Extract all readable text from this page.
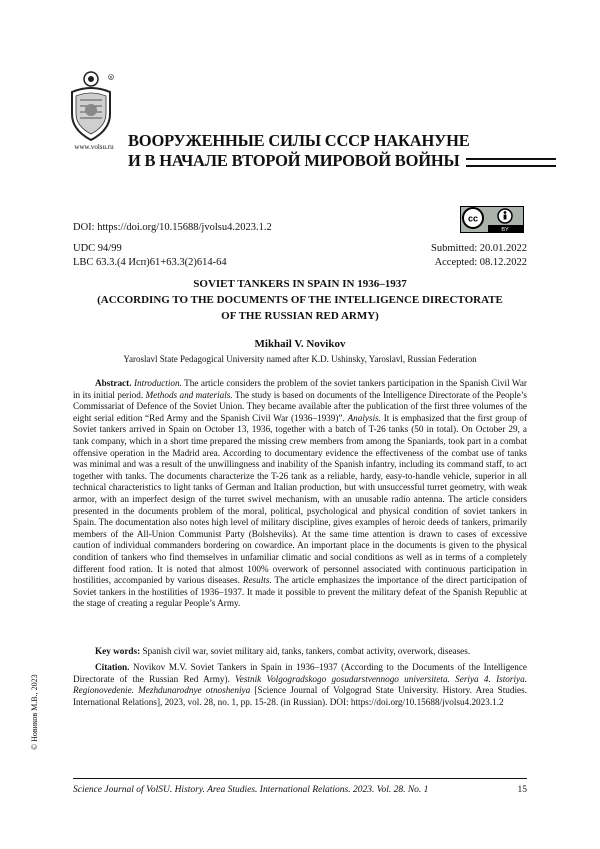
R
www.volsu.ru ВООРУЖЕННЫЕ СИЛЫ СССР НАКАНУНЕ
И В НАЧАЛЕ ВТОРОЙ МИРОВОЙ ВОЙНЫ
DOI: https://doi.org/10.15688/jvolsu4.2023.1.2
cc
BY
UDC 94/99
LBC 63.3.(4 Исп)61+63.3(2)614-64
Submitted: 20.01.2022
Accepted: 08.12.2022
SOVIET TANKERS IN SPAIN IN 1936–1937
(ACCORDING TO THE DOCUMENTS OF THE INTELLIGENCE DIRECTORATE
OF THE RUSSIAN RED ARMY)
Mikhail V. Novikov
Yaroslavl State Pedagogical University named after K.D. Ushinsky, Yaroslavl, Russian Federation

Abstract. Introduction. The article considers the problem of the soviet tankers participation in the Spanish Civil War in its initial period. Methods and materials. The study is based on documents of the Intelligence Directorate of the People’s Commissariat of Defence of the Soviet Union. They became available after the publication of the first three volumes of the eight serial edition “Red Army and the Spanish Civil War (1936–1939)”. Analysis. It is emphasized that the first group of Soviet tankers arrived in Spain on October 13, 1936, together with a batch of T-26 tanks (50 in total). On October 29, a tank company, which in a short time prepared the missing crew members from among the Spaniards, took part in a combat offensive operation in the Madrid area. According to documentary evidence the effectiveness of the combat use of tanks was minimal and was a result of the unwillingness and inability of the Spanish infantry, including its command staff, to act together with tanks. The documents characterize the T-26 tank as a reliable, hardy, easy-to-handle vehicle, superior in all technical characteristics to light tanks of German and Italian production, but with unsuccessful turret geometry, with weak armor, with an imperfect design of the turret swivel mechanism, with an unusable radio antenna. The article considers presented in the documents problem of the moral, political, psychological and physical condition of soviet tankers in Spain. The documentation also notes high level of military discipline, gives examples of heroic deeds of tankers, primarily members of the All-Union Communist Party (Bolsheviks). At the same time attention is drawn to cases of excessive caution of individual commanders bordering on cowardice. An important place in the documents is given to the physical condition of tankers who find themselves in unfamiliar climatic and social conditions as well as in terms of a completely different food ration. It is noted that almost 100% overwork of personnel associated with continuous participation in hostilities, accompanied by various diseases. Results. The article emphasizes the importance of the direct participation of Soviet tankers in the hostilities of 1936–1937. It made it possible to prevent the military defeat of the Spanish Republic at the stage of creating a regular People’s Army.

Key words: Spanish civil war, soviet military aid, tanks, tankers, combat activity, overwork, diseases.

Citation. Novikov M.V. Soviet Tankers in Spain in 1936–1937 (According to the Documents of the Intelligence Directorate of the Russian Red Army). Vestnik Volgogradskogo gosudarstvennogo universiteta. Seriya 4. Istoriya. Regionovedenie. Mezhdunarodnye otnosheniya [Science Journal of Volgograd State University. History. Area Studies. International Relations], 2023, vol. 28, no. 1, pp. 15-28. (in Russian). DOI: https://doi.org/10.15688/jvolsu4.2023.1.2

© Новиков М.В., 2023
Science Journal of VolSU. History. Area Studies. International Relations. 2023. Vol. 28. No. 1	15
